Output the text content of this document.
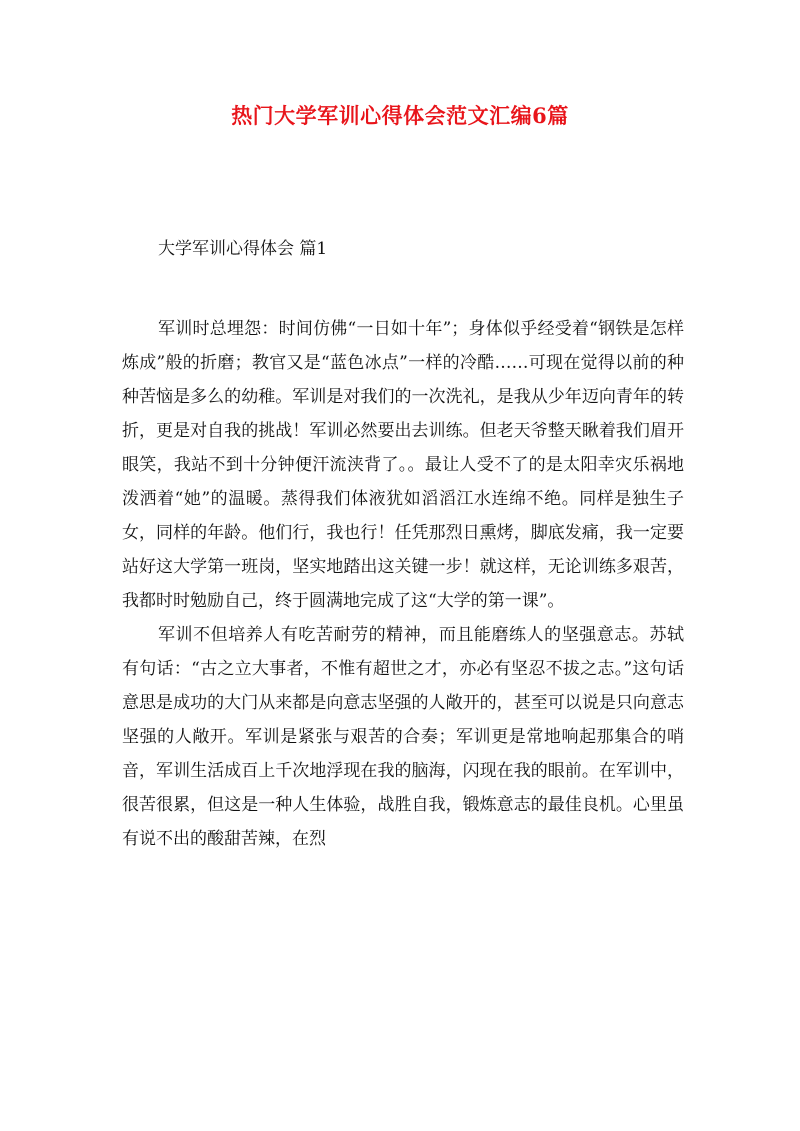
热门大学军训心得体会范文汇编6篇
大学军训心得体会 篇1

军训时总埋怨：时间仿佛“一日如十年”；身体似乎经受着“钢铁是怎样炼成”般的折磨；教官又是“蓝色冰点”一样的冷酷……可现在觉得以前的种种苦恼是多么的幼稚。军训是对我们的一次洗礼，是我从少年迈向青年的转折，更是对自我的挑战！军训必然要出去训练。但老天爷整天瞅着我们眉开眼笑，我站不到十分钟便汗流浃背了。。最让人受不了的是太阳幸灾乐祸地泼洒着“她”的温暖。蒸得我们体液犹如滔滔江水连绵不绝。同样是独生子女，同样的年龄。他们行，我也行！任凭那烈日熏烤，脚底发痛，我一定要站好这大学第一班岗，坚实地踏出这关键一步！就这样，无论训练多艰苦，我都时时勉励自己，终于圆满地完成了这“大学的第一课”。

军训不但培养人有吃苦耐劳的精神，而且能磨练人的坚强意志。苏轼有句话：“古之立大事者，不惟有超世之才，亦必有坚忍不拔之志。”这句话意思是成功的大门从来都是向意志坚强的人敞开的，甚至可以说是只向意志坚强的人敞开。军训是紧张与艰苦的合奏；军训更是常地响起那集合的哨音，军训生活成百上千次地浮现在我的脑海，闪现在我的眼前。在军训中，很苦很累，但这是一种人生体验，战胜自我，锻炼意志的最佳良机。心里虽有说不出的酸甜苦辣，在烈
